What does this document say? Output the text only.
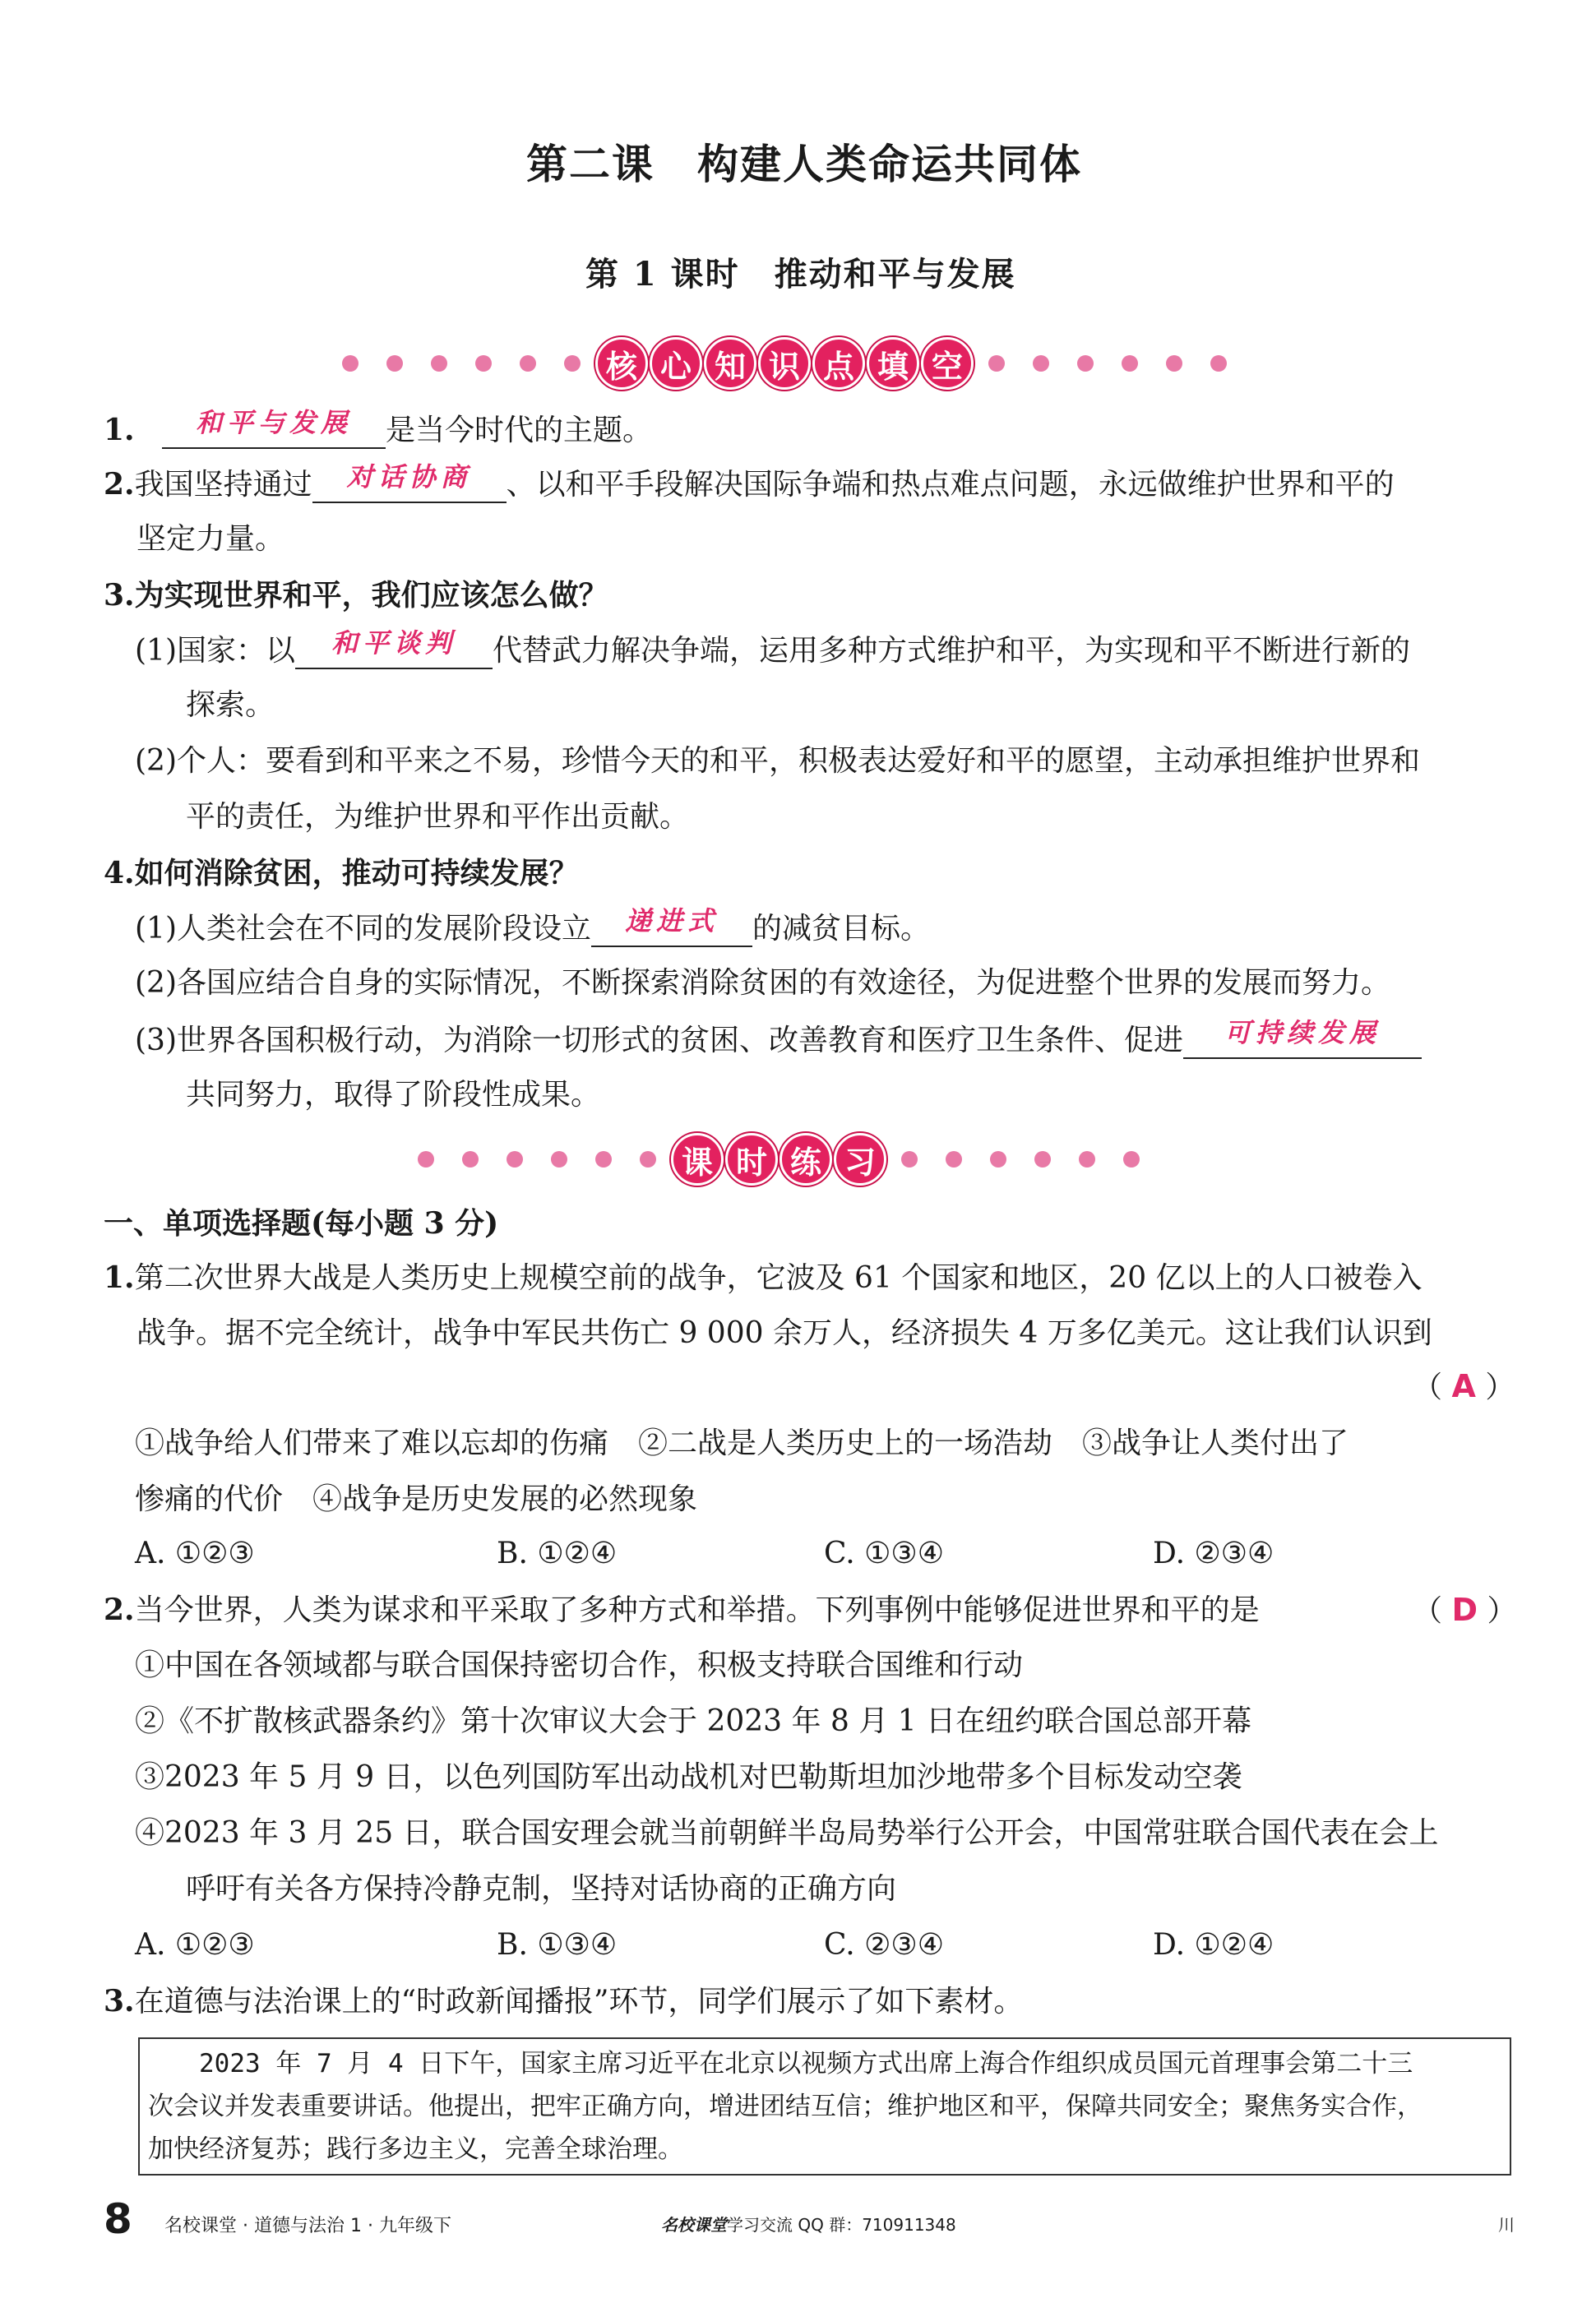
第二课　构建人类命运共同体
第 1 课时　推动和平与发展
核 心 知 识 点 填 空
1.	和平与发展	是当今时代的主题。
2.我国坚持通过	对话协商	、以和平手段解决国际争端和热点难点问题，永远做维护世界和平的
坚定力量。
3.为实现世界和平，我们应该怎么做？
(1)国家：以	和平谈判	代替武力解决争端，运用多种方式维护和平，为实现和平不断进行新的
探索。
(2)个人：要看到和平来之不易，珍惜今天的和平，积极表达爱好和平的愿望，主动承担维护世界和
平的责任，为维护世界和平作出贡献。
4.如何消除贫困，推动可持续发展？
(1)人类社会在不同的发展阶段设立	递进式	的减贫目标。
(2)各国应结合自身的实际情况，不断探索消除贫困的有效途径，为促进整个世界的发展而努力。
(3)世界各国积极行动，为消除一切形式的贫困、改善教育和医疗卫生条件、促进	可持续发展
共同努力，取得了阶段性成果。
课 时 练 习
一、单项选择题(每小题 3 分)
1.第二次世界大战是人类历史上规模空前的战争，它波及 61 个国家和地区，20 亿以上的人口被卷入
战争。据不完全统计，战争中军民共伤亡 9 000 余万人，经济损失 4 万多亿美元。这让我们认识到
（ A ）
①战争给人们带来了难以忘却的伤痛　②二战是人类历史上的一场浩劫　③战争让人类付出了
惨痛的代价　④战争是历史发展的必然现象
A. ①②③	B. ①②④	C. ①③④	D. ②③④
2.当今世界，人类为谋求和平采取了多种方式和举措。下列事例中能够促进世界和平的是	（ D ）
①中国在各领域都与联合国保持密切合作，积极支持联合国维和行动
②《不扩散核武器条约》第十次审议大会于 2023 年 8 月 1 日在纽约联合国总部开幕
③2023 年 5 月 9 日，以色列国防军出动战机对巴勒斯坦加沙地带多个目标发动空袭
④2023 年 3 月 25 日，联合国安理会就当前朝鲜半岛局势举行公开会，中国常驻联合国代表在会上
呼吁有关各方保持冷静克制，坚持对话协商的正确方向
A. ①②③	B. ①③④	C. ②③④	D. ①②④
3.在道德与法治课上的“时政新闻播报”环节，同学们展示了如下素材。
　　2023 年 7 月 4 日下午，国家主席习近平在北京以视频方式出席上海合作组织成员国元首理事会第二十三
次会议并发表重要讲话。他提出，把牢正确方向，增进团结互信；维护地区和平，保障共同安全；聚焦务实合作，
加快经济复苏；践行多边主义，完善全球治理。
8 名校课堂 · 道德与法治 1 · 九年级下	名校课堂学习交流 QQ 群：710911348	川
